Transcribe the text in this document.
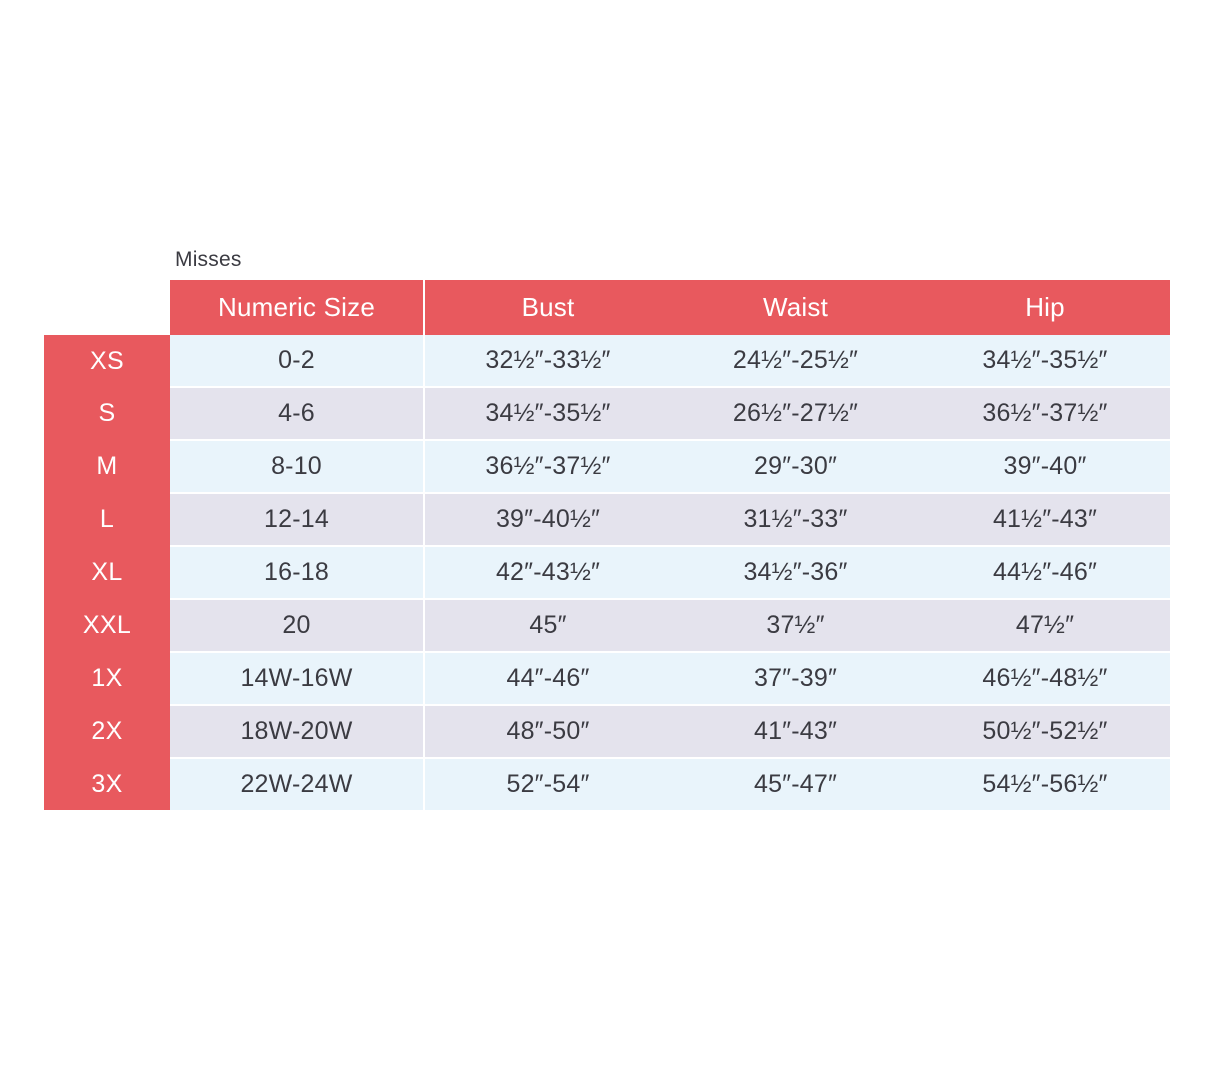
Misses
	Numeric Size	Bust	Waist	Hip
XS	0-2	32½″-33½″	24½″-25½″	34½″-35½″
S	4-6	34½″-35½″	26½″-27½″	36½″-37½″
M	8-10	36½″-37½″	29″-30″	39″-40″
L	12-14	39″-40½″	31½″-33″	41½″-43″
XL	16-18	42″-43½″	34½″-36″	44½″-46″
XXL	20	45″	37½″	47½″
1X	14W-16W	44″-46″	37″-39″	46½″-48½″
2X	18W-20W	48″-50″	41″-43″	50½″-52½″
3X	22W-24W	52″-54″	45″-47″	54½″-56½″
